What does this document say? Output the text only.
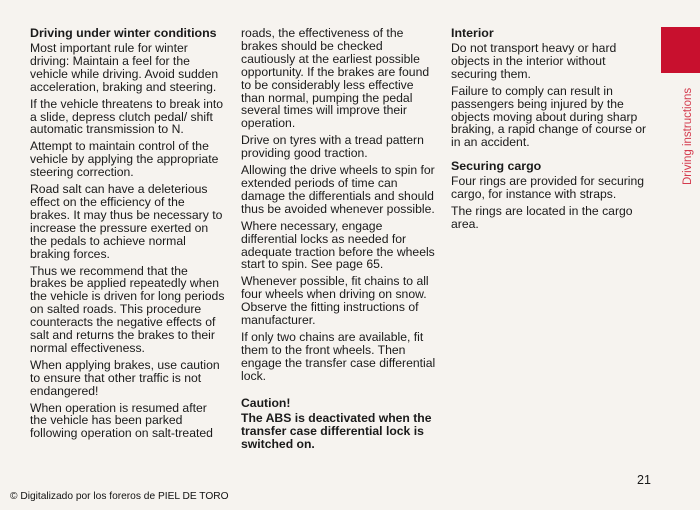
Driving under winter conditions

Most important rule for winter driving: Maintain a feel for the vehicle while driving. Avoid sudden acceleration, braking and steering.

If the vehicle threatens to break into a slide, depress clutch pedal/ shift automatic transmission to N.

Attempt to maintain control of the vehicle by applying the appropriate steering correction.

Road salt can have a deleterious effect on the efficiency of the brakes. It may thus be necessary to increase the pressure exerted on the pedals to achieve normal braking forces.

Thus we recommend that the brakes be applied repeatedly when the vehicle is driven for long periods on salted roads. This procedure counteracts the negative effects of salt and returns the brakes to their normal effectiveness.

When applying brakes, use caution to ensure that other traffic is not endangered!

When operation is resumed after the vehicle has been parked following operation on salt-treated

roads, the effectiveness of the brakes should be checked cautiously at the earliest possible opportunity. If the brakes are found to be considerably less effective than normal, pumping the pedal several times will improve their operation.

Drive on tyres with a tread pattern providing good traction.

Allowing the drive wheels to spin for extended periods of time can damage the differentials and should thus be avoided whenever possible.

Where necessary, engage differential locks as needed for adequate traction before the wheels start to spin. See page 65.

Whenever possible, fit chains to all four wheels when driving on snow. Observe the fitting instructions of manufacturer.

If only two chains are available, fit them to the front wheels. Then engage the transfer case differential lock.

Caution!

The ABS is deactivated when the transfer case differential lock is switched on.

Interior

Do not transport heavy or hard objects in the interior without securing them.

Failure to comply can result in passengers being injured by the objects moving about during sharp braking, a rapid change of course or in an accident.

Securing cargo

Four rings are provided for securing cargo, for instance with straps.

The rings are located in the cargo area.

Driving instructions
21
© Digitalizado por los foreros de PIEL DE TORO
